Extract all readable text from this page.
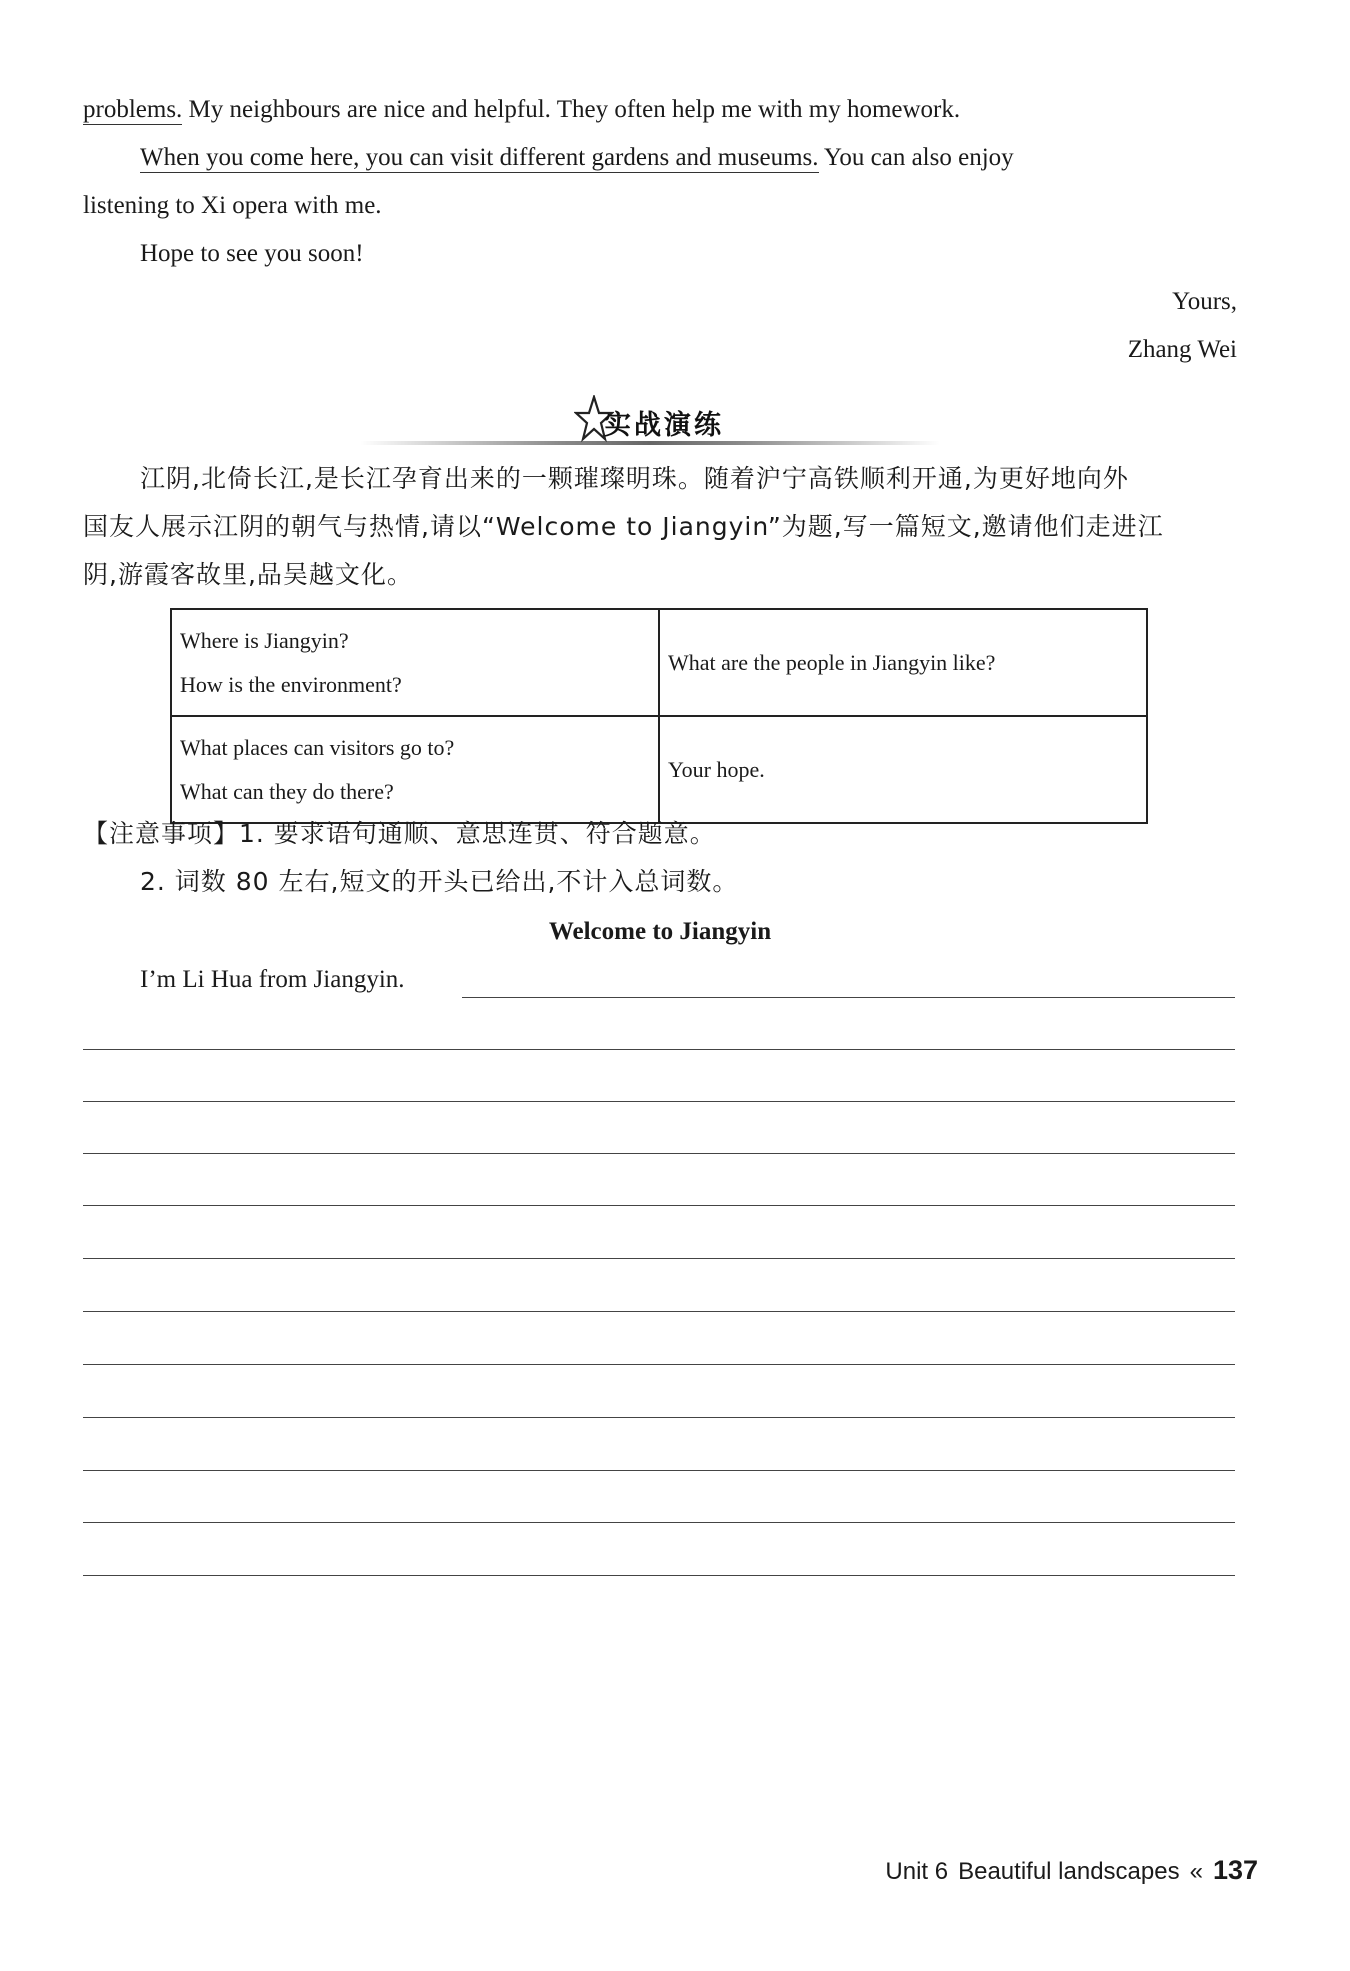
problems. My neighbours are nice and helpful. They often help me with my homework.
When you come here, you can visit different gardens and museums. You can also enjoy
listening to Xi opera with me.
Hope to see you soon!
Yours,
Zhang Wei
实战演练
江阴,北倚长江,是长江孕育出来的一颗璀璨明珠。随着沪宁高铁顺利开通,为更好地向外
国友人展示江阴的朝气与热情,请以“Welcome to Jiangyin”为题,写一篇短文,邀请他们走进江
阴,游霞客故里,品吴越文化。
Where is Jiangyin?
How is the environment?	What are the people in Jiangyin like?

What places can visitors go to?
What can they do there?	Your hope.
【注意事项】1. 要求语句通顺、意思连贯、符合题意。
2. 词数 80 左右,短文的开头已给出,不计入总词数。
Welcome to Jiangyin
I’m Li Hua from Jiangyin.
Unit 6 Beautiful landscapes « 137
